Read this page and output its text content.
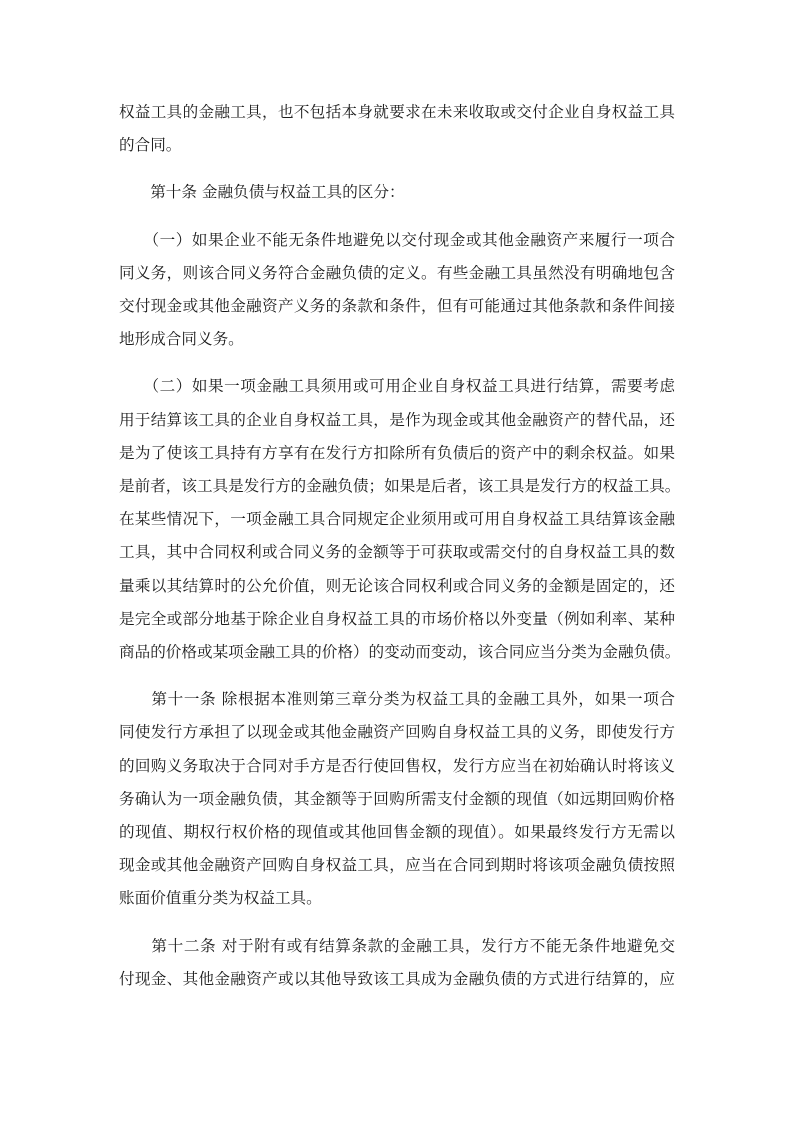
权益工具的金融工具，也不包括本身就要求在未来收取或交付企业自身权益工具
的合同。
　　第十条 金融负债与权益工具的区分：
　　（一）如果企业不能无条件地避免以交付现金或其他金融资产来履行一项合
同义务，则该合同义务符合金融负债的定义。有些金融工具虽然没有明确地包含
交付现金或其他金融资产义务的条款和条件，但有可能通过其他条款和条件间接
地形成合同义务。
　　（二）如果一项金融工具须用或可用企业自身权益工具进行结算，需要考虑
用于结算该工具的企业自身权益工具，是作为现金或其他金融资产的替代品，还
是为了使该工具持有方享有在发行方扣除所有负债后的资产中的剩余权益。如果
是前者，该工具是发行方的金融负债；如果是后者，该工具是发行方的权益工具。
在某些情况下，一项金融工具合同规定企业须用或可用自身权益工具结算该金融
工具，其中合同权利或合同义务的金额等于可获取或需交付的自身权益工具的数
量乘以其结算时的公允价值，则无论该合同权利或合同义务的金额是固定的，还
是完全或部分地基于除企业自身权益工具的市场价格以外变量（例如利率、某种
商品的价格或某项金融工具的价格）的变动而变动，该合同应当分类为金融负债。
　　第十一条 除根据本准则第三章分类为权益工具的金融工具外，如果一项合
同使发行方承担了以现金或其他金融资产回购自身权益工具的义务，即使发行方
的回购义务取决于合同对手方是否行使回售权，发行方应当在初始确认时将该义
务确认为一项金融负债，其金额等于回购所需支付金额的现值（如远期回购价格
的现值、期权行权价格的现值或其他回售金额的现值）。如果最终发行方无需以
现金或其他金融资产回购自身权益工具，应当在合同到期时将该项金融负债按照
账面价值重分类为权益工具。
　　第十二条 对于附有或有结算条款的金融工具，发行方不能无条件地避免交
付现金、其他金融资产或以其他导致该工具成为金融负债的方式进行结算的，应
